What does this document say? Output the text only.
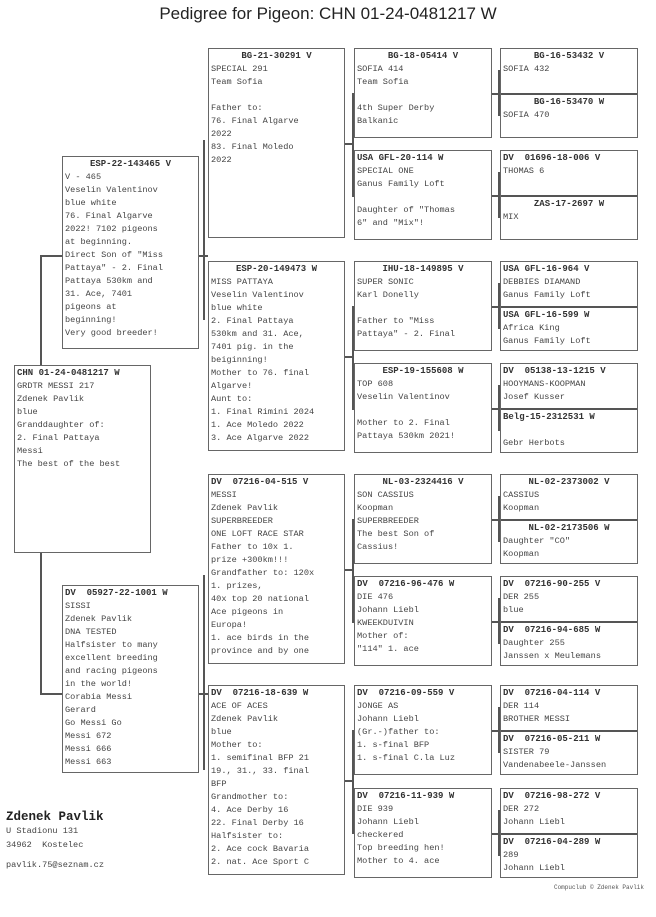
Pedigree for Pigeon: CHN 01-24-0481217 W
CHN 01-24-0481217 W
GRDTR MESSI 217
Zdenek Pavlik
blue
Granddaughter of:
2. Final Pattaya
Messi
The best of the best
ESP-22-143465 V
V - 465
Veselin Valentinov
blue white
76. Final Algarve
2022! 7102 pigeons
at beginning.
Direct Son of "Miss
Pattaya" - 2. Final
Pattaya 530km and
31. Ace, 7401
pigeons at
beginning!
Very good breeder!
DV  05927-22-1001 W
SISSI
Zdenek Pavlik
DNA TESTED
Halfsister to many
excellent breeding
and racing pigeons
in the world!
Corabia Messi
Gerard
Go Messi Go
Messi 672
Messi 666
Messi 663
BG-21-30291 V
SPECIAL 291
Team Sofia
Father to:
76. Final Algarve
2022
83. Final Moledo
2022
ESP-20-149473 W
MISS PATTAYA
Veselin Valentinov
blue white
2. Final Pattaya
530km and 31. Ace,
7401 pig. in the
beiginning!
Mother to 76. final
Algarve!
Aunt to:
1. Final Rimini 2024
1. Ace Moledo 2022
3. Ace Algarve 2022
DV  07216-04-515 V
MESSI
Zdenek Pavlik
SUPERBREEDER
ONE LOFT RACE STAR
Father to 10x 1.
prize +300km!!!
Grandfather to: 120x
1. prizes,
40x top 20 national
Ace pigeons in
Europa!
1. ace birds in the
province and by one
DV  07216-18-639 W
ACE OF ACES
Zdenek Pavlik
blue
Mother to:
1. semifinal BFP 21
19., 31., 33. final
BFP
Grandmother to:
4. Ace Derby 16
22. Final Derby 16
Halfsister to:
2. Ace cock Bavaria
2. nat. Ace Sport C
BG-18-05414 V
SOFIA 414
Team Sofia
4th Super Derby
Balkanic
USA GFL-20-114 W
SPECIAL ONE
Ganus Family Loft
Daughter of "Thomas
6" and "Mix"!
IHU-18-149895 V
SUPER SONIC
Karl Donelly
Father to "Miss
Pattaya" - 2. Final
ESP-19-155608 W
TOP 608
Veselin Valentinov
Mother to 2. Final
Pattaya 530km 2021!
NL-03-2324416 V
SON CASSIUS
Koopman
SUPERBREEDER
The best Son of
Cassius!
DV  07216-96-476 W
DIE 476
Johann Liebl
KWEEKDUIVIN
Mother of:
"114" 1. ace
DV  07216-09-559 V
JONGE AS
Johann Liebl
(Gr.-)father to:
1. s-final BFP
1. s-final C.la Luz
DV  07216-11-939 W
DIE 939
Johann Liebl
checkered
Top breeding hen!
Mother to 4. ace
BG-16-53432 V
SOFIA 432
BG-16-53470 W
SOFIA 470
DV  01696-18-006 V
THOMAS 6
ZAS-17-2697 W
MIX
USA GFL-16-964 V
DEBBIES DIAMAND
Ganus Family Loft
USA GFL-16-599 W
Africa King
Ganus Family Loft
DV  05138-13-1215 V
HOOYMANS-KOOPMAN
Josef Kusser
Belg-15-2312531 W
Gebr Herbots
NL-02-2373002 V
CASSIUS
Koopman
NL-02-2173506 W
Daughter "CO"
Koopman
DV  07216-90-255 V
DER 255
blue
DV  07216-94-685 W
Daughter 255
Janssen x Meulemans
DV  07216-04-114 V
DER 114
BROTHER MESSI
DV  07216-05-211 W
SISTER 79
Vandenabeele-Janssen
DV  07216-98-272 V
DER 272
Johann Liebl
DV  07216-04-289 W
289
Johann Liebl
Zdenek Pavlik
U Stadionu 131
34962  Kostelec
pavlik.75@seznam.cz
Compuclub © Zdenek Pavlik
